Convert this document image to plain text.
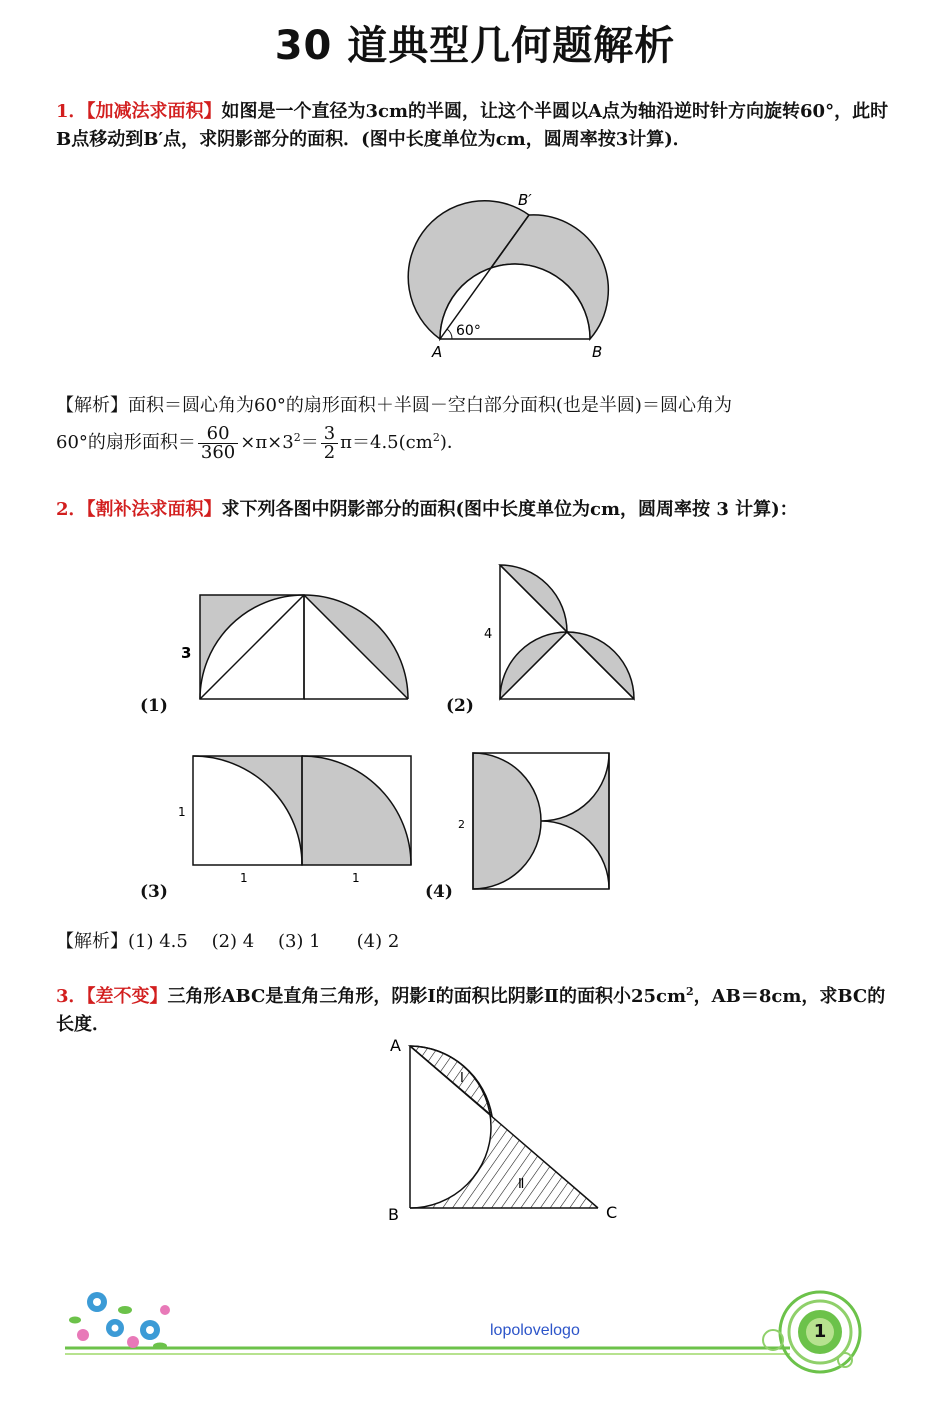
30 道典型几何题解析
1．【加减法求面积】如图是一个直径为3cm的半圆，让这个半圆以A点为轴沿逆时针方向旋转60°，此时B点移动到B′点，求阴影部分的面积．(图中长度单位为cm，圆周率按3计算)．
60°
A	B
B′
【解析】面积＝圆心角为60°的扇形面积＋半圆－空白部分面积(也是半圆)＝圆心角为
60°的扇形面积＝ $\frac{60}{360} \times\pi\times 3^2= \frac{3}{2} \pi=4.5(cm^2)$．
2．【割补法求面积】求下列各图中阴影部分的面积(图中长度单位为cm，圆周率按 3 计算)：
3
(1)
4
(2)
1
1	1
(3)
2
(4)
【解析】(1) 4.5　 (2) 4　 (3) 1　　(4) 2
3．【差不变】三角形ABC是直角三角形，阴影Ⅰ的面积比阴影Ⅱ的面积小$25cm^2$，AB＝8cm，求BC的长度．
A
B	C
Ⅰ
Ⅱ
lopolovelogo	1
